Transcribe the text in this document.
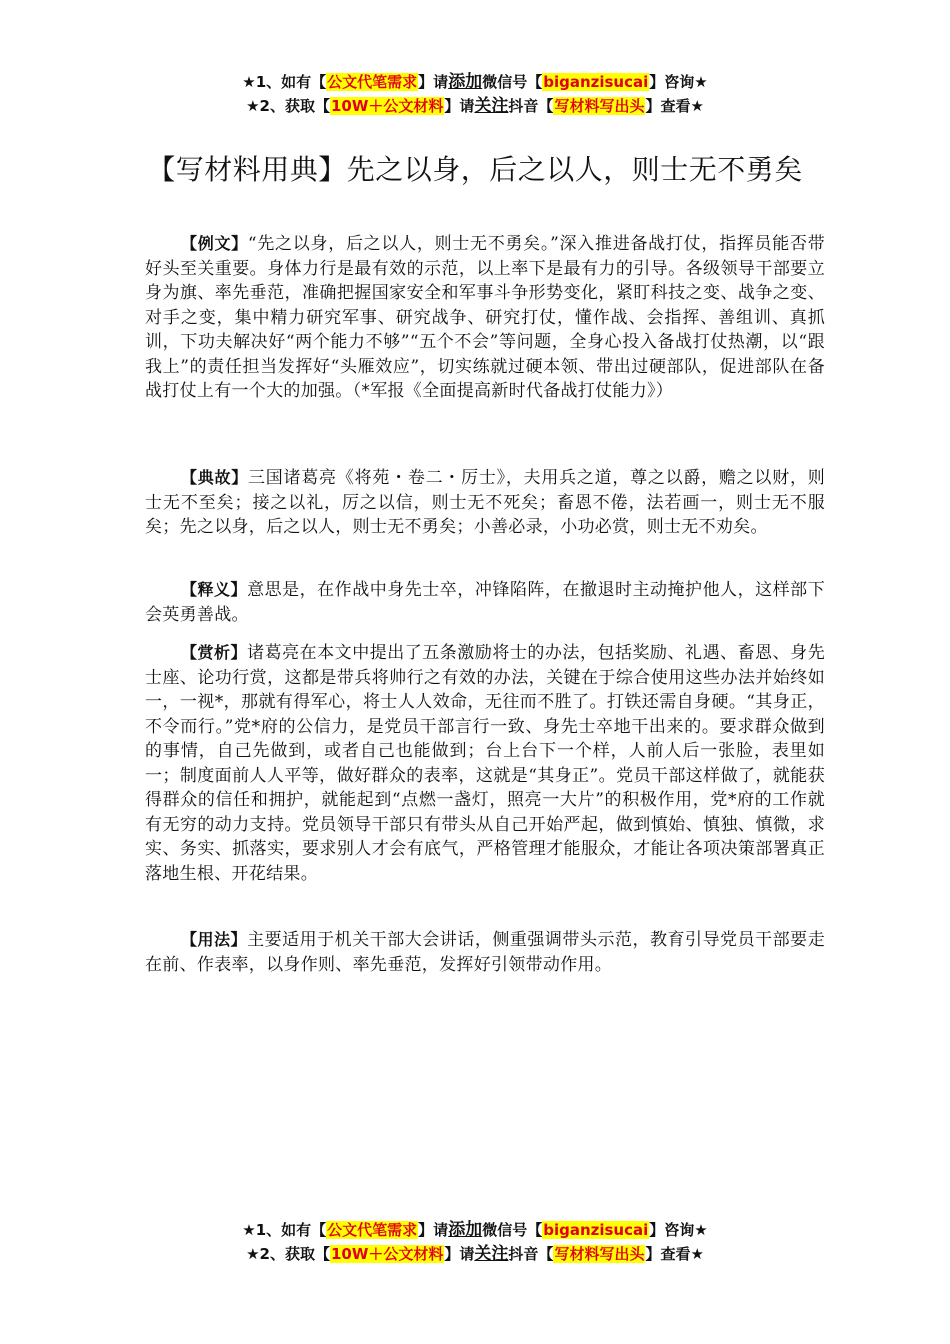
★1、如有【公文代笔需求】请添加微信号【biganzisucai】咨询★
★2、获取【10W＋公文材料】请关注抖音【写材料写出头】查看★
【写材料用典】先之以身，后之以人，则士无不勇矣
【例文】“先之以身，后之以人，则士无不勇矣。”深入推进备战打仗，指挥员能否带好头至关重要。身体力行是最有效的示范，以上率下是最有力的引导。各级领导干部要立身为旗、率先垂范，准确把握国家安全和军事斗争形势变化，紧盯科技之变、战争之变、对手之变，集中精力研究军事、研究战争、研究打仗，懂作战、会指挥、善组训、真抓训，下功夫解决好“两个能力不够”“五个不会”等问题，全身心投入备战打仗热潮，以“跟我上”的责任担当发挥好“头雁效应”，切实练就过硬本领、带出过硬部队，促进部队在备战打仗上有一个大的加强。（*军报《全面提高新时代备战打仗能力》）
【典故】三国诸葛亮《将苑・卷二・厉士》，夫用兵之道，尊之以爵，赡之以财，则士无不至矣；接之以礼，厉之以信，则士无不死矣；畜恩不倦，法若画一，则士无不服矣；先之以身，后之以人，则士无不勇矣；小善必录，小功必赏，则士无不劝矣。
【释义】意思是，在作战中身先士卒，冲锋陷阵，在撤退时主动掩护他人，这样部下会英勇善战。
【赏析】诸葛亮在本文中提出了五条激励将士的办法，包括奖励、礼遇、畜恩、身先士座、论功行赏，这都是带兵将帅行之有效的办法，关键在于综合使用这些办法并始终如一，一视*，那就有得军心，将士人人效命，无往而不胜了。打铁还需自身硬。“其身正，不令而行。”党*府的公信力，是党员干部言行一致、身先士卒地干出来的。要求群众做到的事情，自己先做到，或者自己也能做到；台上台下一个样，人前人后一张脸，表里如一；制度面前人人平等，做好群众的表率，这就是“其身正”。党员干部这样做了，就能获得群众的信任和拥护，就能起到“点燃一盏灯，照亮一大片”的积极作用，党*府的工作就有无穷的动力支持。党员领导干部只有带头从自己开始严起，做到慎始、慎独、慎微，求实、务实、抓落实，要求别人才会有底气，严格管理才能服众，才能让各项决策部署真正落地生根、开花结果。
【用法】主要适用于机关干部大会讲话，侧重强调带头示范，教育引导党员干部要走在前、作表率，以身作则、率先垂范，发挥好引领带动作用。
★1、如有【公文代笔需求】请添加微信号【biganzisucai】咨询★
★2、获取【10W＋公文材料】请关注抖音【写材料写出头】查看★
